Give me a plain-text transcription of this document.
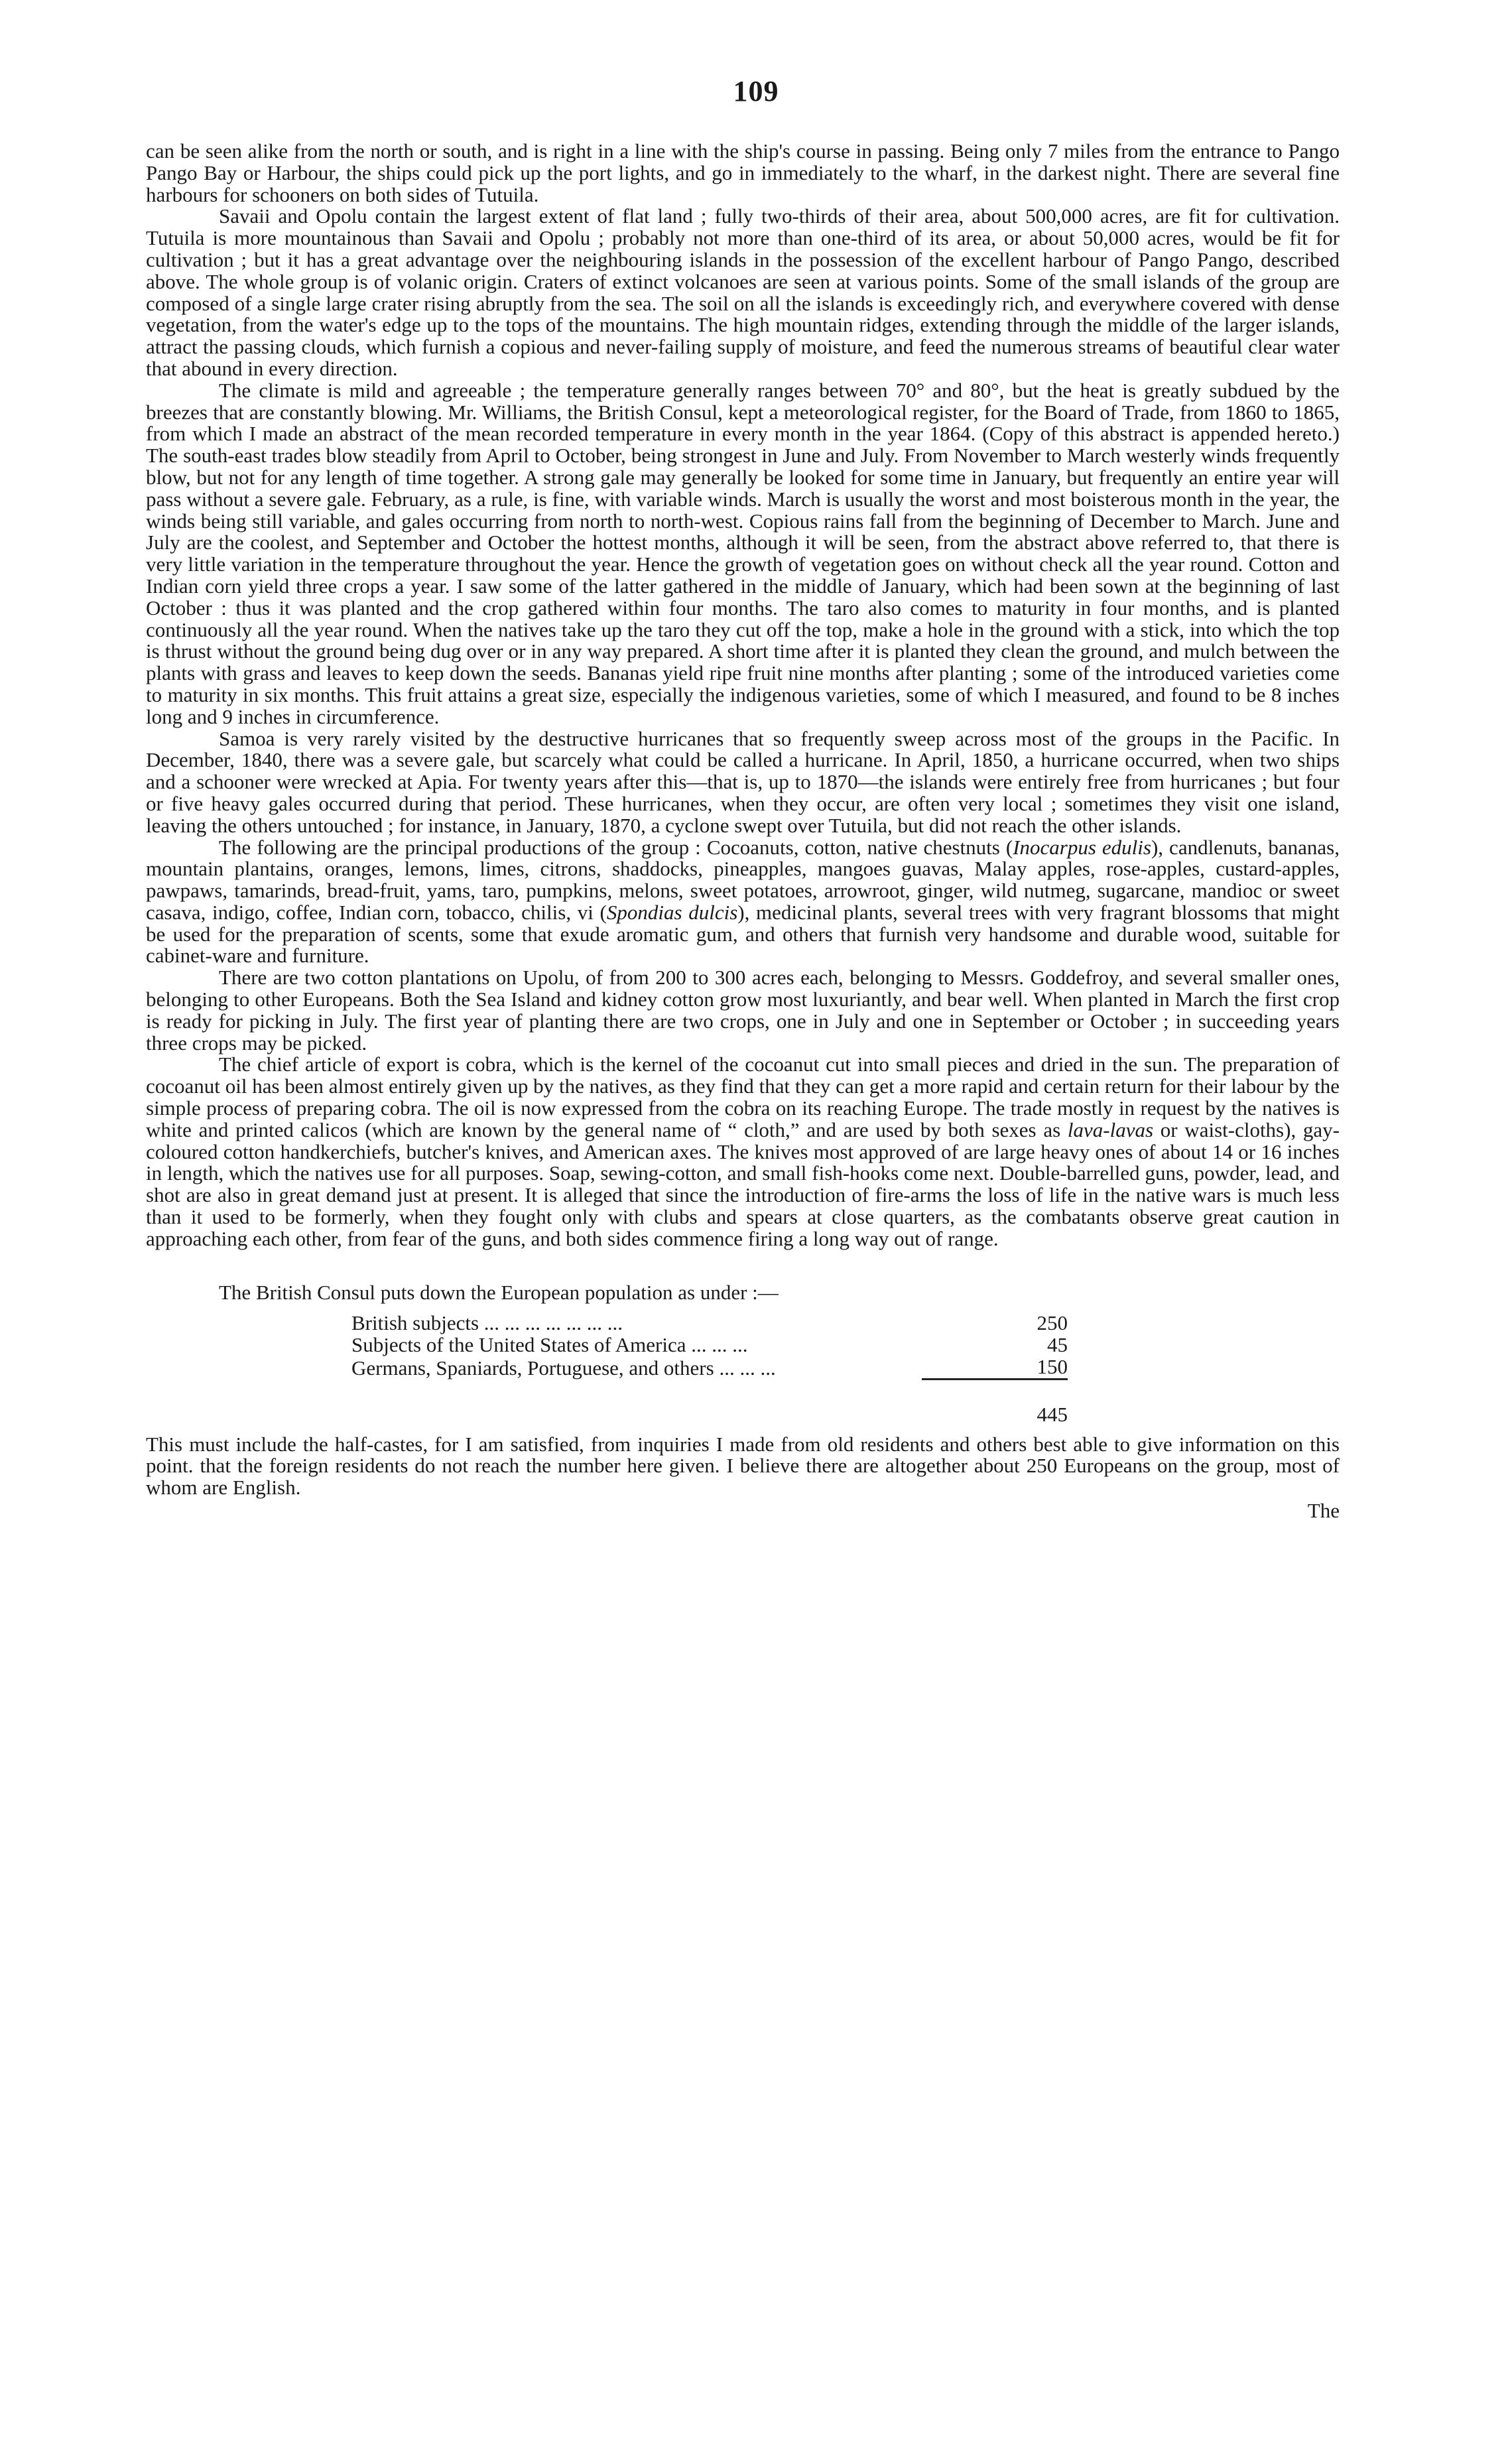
109

can be seen alike from the north or south, and is right in a line with the ship's course in passing. Being only 7 miles from the entrance to Pango Pango Bay or Harbour, the ships could pick up the port lights, and go in immediately to the wharf, in the darkest night. There are several fine harbours for schooners on both sides of Tutuila.

Savaii and Opolu contain the largest extent of flat land ; fully two-thirds of their area, about 500,000 acres, are fit for cultivation. Tutuila is more mountainous than Savaii and Opolu ; probably not more than one-third of its area, or about 50,000 acres, would be fit for cultivation ; but it has a great advantage over the neighbouring islands in the possession of the excellent harbour of Pango Pango, described above. The whole group is of volanic origin. Craters of extinct volcanoes are seen at various points. Some of the small islands of the group are composed of a single large crater rising abruptly from the sea. The soil on all the islands is exceedingly rich, and everywhere covered with dense vegetation, from the water's edge up to the tops of the mountains. The high mountain ridges, extending through the middle of the larger islands, attract the passing clouds, which furnish a copious and never-failing supply of moisture, and feed the numerous streams of beautiful clear water that abound in every direction.

The climate is mild and agreeable ; the temperature generally ranges between 70° and 80°, but the heat is greatly subdued by the breezes that are constantly blowing. Mr. Williams, the British Consul, kept a meteorological register, for the Board of Trade, from 1860 to 1865, from which I made an abstract of the mean recorded temperature in every month in the year 1864. (Copy of this abstract is appended hereto.) The south-east trades blow steadily from April to October, being strongest in June and July. From November to March westerly winds frequently blow, but not for any length of time together. A strong gale may generally be looked for some time in January, but frequently an entire year will pass without a severe gale. February, as a rule, is fine, with variable winds. March is usually the worst and most boisterous month in the year, the winds being still variable, and gales occurring from north to north-west. Copious rains fall from the beginning of December to March. June and July are the coolest, and September and October the hottest months, although it will be seen, from the abstract above referred to, that there is very little variation in the temperature throughout the year. Hence the growth of vegetation goes on without check all the year round. Cotton and Indian corn yield three crops a year. I saw some of the latter gathered in the middle of January, which had been sown at the beginning of last October : thus it was planted and the crop gathered within four months. The taro also comes to maturity in four months, and is planted continuously all the year round. When the natives take up the taro they cut off the top, make a hole in the ground with a stick, into which the top is thrust without the ground being dug over or in any way prepared. A short time after it is planted they clean the ground, and mulch between the plants with grass and leaves to keep down the seeds. Bananas yield ripe fruit nine months after planting ; some of the introduced varieties come to maturity in six months. This fruit attains a great size, especially the indigenous varieties, some of which I measured, and found to be 8 inches long and 9 inches in circumference.

Samoa is very rarely visited by the destructive hurricanes that so frequently sweep across most of the groups in the Pacific. In December, 1840, there was a severe gale, but scarcely what could be called a hurricane. In April, 1850, a hurricane occurred, when two ships and a schooner were wrecked at Apia. For twenty years after this—that is, up to 1870—the islands were entirely free from hurricanes ; but four or five heavy gales occurred during that period. These hurricanes, when they occur, are often very local ; sometimes they visit one island, leaving the others untouched ; for instance, in January, 1870, a cyclone swept over Tutuila, but did not reach the other islands.

The following are the principal productions of the group : Cocoanuts, cotton, native chestnuts (Inocarpus edulis), candlenuts, bananas, mountain plantains, oranges, lemons, limes, citrons, shaddocks, pineapples, mangoes guavas, Malay apples, rose-apples, custard-apples, pawpaws, tamarinds, bread-fruit, yams, taro, pumpkins, melons, sweet potatoes, arrowroot, ginger, wild nutmeg, sugarcane, mandioc or sweet casava, indigo, coffee, Indian corn, tobacco, chilis, vi (Spondias dulcis), medicinal plants, several trees with very fragrant blossoms that might be used for the preparation of scents, some that exude aromatic gum, and others that furnish very handsome and durable wood, suitable for cabinet-ware and furniture.

There are two cotton plantations on Upolu, of from 200 to 300 acres each, belonging to Messrs. Goddefroy, and several smaller ones, belonging to other Europeans. Both the Sea Island and kidney cotton grow most luxuriantly, and bear well. When planted in March the first crop is ready for picking in July. The first year of planting there are two crops, one in July and one in September or October ; in succeeding years three crops may be picked.

The chief article of export is cobra, which is the kernel of the cocoanut cut into small pieces and dried in the sun. The preparation of cocoanut oil has been almost entirely given up by the natives, as they find that they can get a more rapid and certain return for their labour by the simple process of preparing cobra. The oil is now expressed from the cobra on its reaching Europe. The trade mostly in request by the natives is white and printed calicos (which are known by the general name of “ cloth,” and are used by both sexes as lava-lavas or waist-cloths), gay-coloured cotton handkerchiefs, butcher's knives, and American axes. The knives most approved of are large heavy ones of about 14 or 16 inches in length, which the natives use for all purposes. Soap, sewing-cotton, and small fish-hooks come next. Double-barrelled guns, powder, lead, and shot are also in great demand just at present. It is alleged that since the introduction of fire-arms the loss of life in the native wars is much less than it used to be formerly, when they fought only with clubs and spears at close quarters, as the combatants observe great caution in approaching each other, from fear of the guns, and both sides commence firing a long way out of range.

The British Consul puts down the European population as under :—

British subjects ... ... ... ... ... ... ...	250
Subjects of the United States of America ... ... ...	45
Germans, Spaniards, Portuguese, and others ... ... ...	150

	445

This must include the half-castes, for I am satisfied, from inquiries I made from old residents and others best able to give information on this point. that the foreign residents do not reach the number here given. I believe there are altogether about 250 Europeans on the group, most of whom are English.

The
